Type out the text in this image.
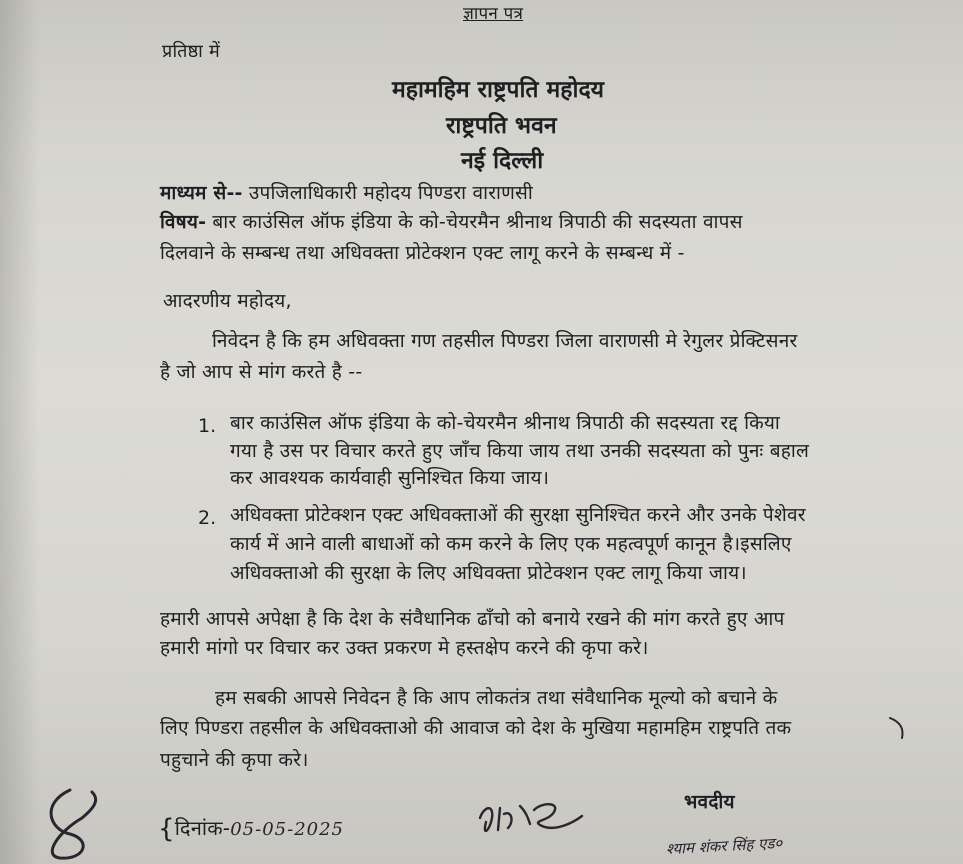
ज्ञापन पत्र
प्रतिष्ठा में
महामहिम राष्ट्रपति महोदय
राष्ट्रपति भवन
नई दिल्ली
माध्यम से-- उपजिलाधिकारी महोदय पिण्डरा वाराणसी
विषय- बार काउंसिल ऑफ इंडिया के को-चेयरमैन श्रीनाथ त्रिपाठी की सदस्यता वापस
दिलवाने के सम्बन्ध तथा अधिवक्ता प्रोटेक्शन एक्ट लागू करने के सम्बन्ध में -
आदरणीय महोदय,
निवेदन है कि हम अधिवक्ता गण तहसील पिण्डरा जिला वाराणसी मे रेगुलर प्रेक्टिसनर
है जो आप से मांग करते है --
1. बार काउंसिल ऑफ इंडिया के को-चेयरमैन श्रीनाथ त्रिपाठी की सदस्यता रद्द किया
गया है उस पर विचार करते हुए जाँच किया जाय तथा उनकी सदस्यता को पुनः बहाल
कर आवश्यक कार्यवाही सुनिश्चित किया जाय।
2. अधिवक्ता प्रोटेक्शन एक्ट अधिवक्ताओं की सुरक्षा सुनिश्चित करने और उनके पेशेवर
कार्य में आने वाली बाधाओं को कम करने के लिए एक महत्वपूर्ण कानून है।इसलिए
अधिवक्ताओ की सुरक्षा के लिए अधिवक्ता प्रोटेक्शन एक्ट लागू किया जाय।
हमारी आपसे अपेक्षा है कि देश के संवैधानिक ढाँचो को बनाये रखने की मांग करते हुए आप
हमारी मांगो पर विचार कर उक्त प्रकरण मे हस्तक्षेप करने की कृपा करे।
हम सबकी आपसे निवेदन है कि आप लोकतंत्र तथा संवैधानिक मूल्यो को बचाने के
लिए पिण्डरा तहसील के अधिवक्ताओ की आवाज को देश के मुखिया महामहिम राष्ट्रपति तक
पहुचाने की कृपा करे।
{दिनांक-05-05-2025
भवदीय
श्याम शंकर सिंह एड०
